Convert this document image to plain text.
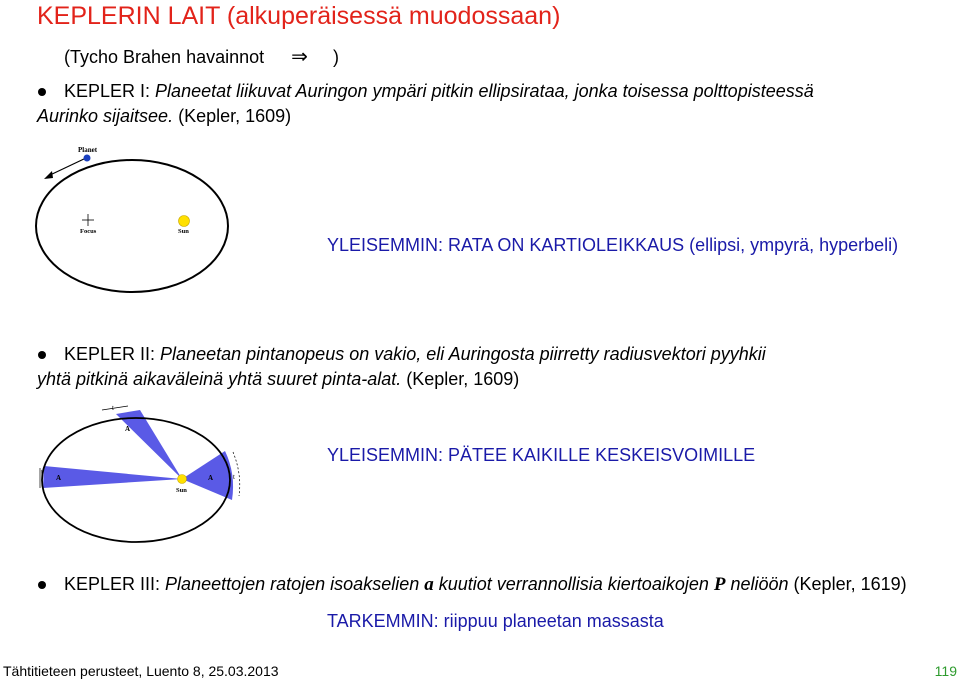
KEPLERIN LAIT (alkuperäisessä muodossaan)
(Tycho Brahen havainnot ⇒ )
KEPLER I: Planeetat liikuvat Auringon ympäri pitkin ellipsirataa, jonka toisessa polttopisteessä
Aurinko sijaitsee. (Kepler, 1609)
Planet
Focus	Sun
YLEISEMMIN: RATA ON KARTIOLEIKKAUS (ellipsi, ympyrä, hyperbeli)
KEPLER II: Planeetan pintanopeus on vakio, eli Auringosta piirretty radiusvektori pyyhkii
yhtä pitkinä aikaväleinä yhtä suuret pinta-alat. (Kepler, 1609)
Sun
A
A	A
t
t
t
YLEISEMMIN: PÄTEE KAIKILLE KESKEISVOIMILLE
KEPLER III: Planeettojen ratojen isoakselien a kuutiot verrannollisia kiertoaikojen P neliöön (Kepler, 1619)
TARKEMMIN: riippuu planeetan massasta
Tähtitieteen perusteet, Luento 8, 25.03.2013	119
